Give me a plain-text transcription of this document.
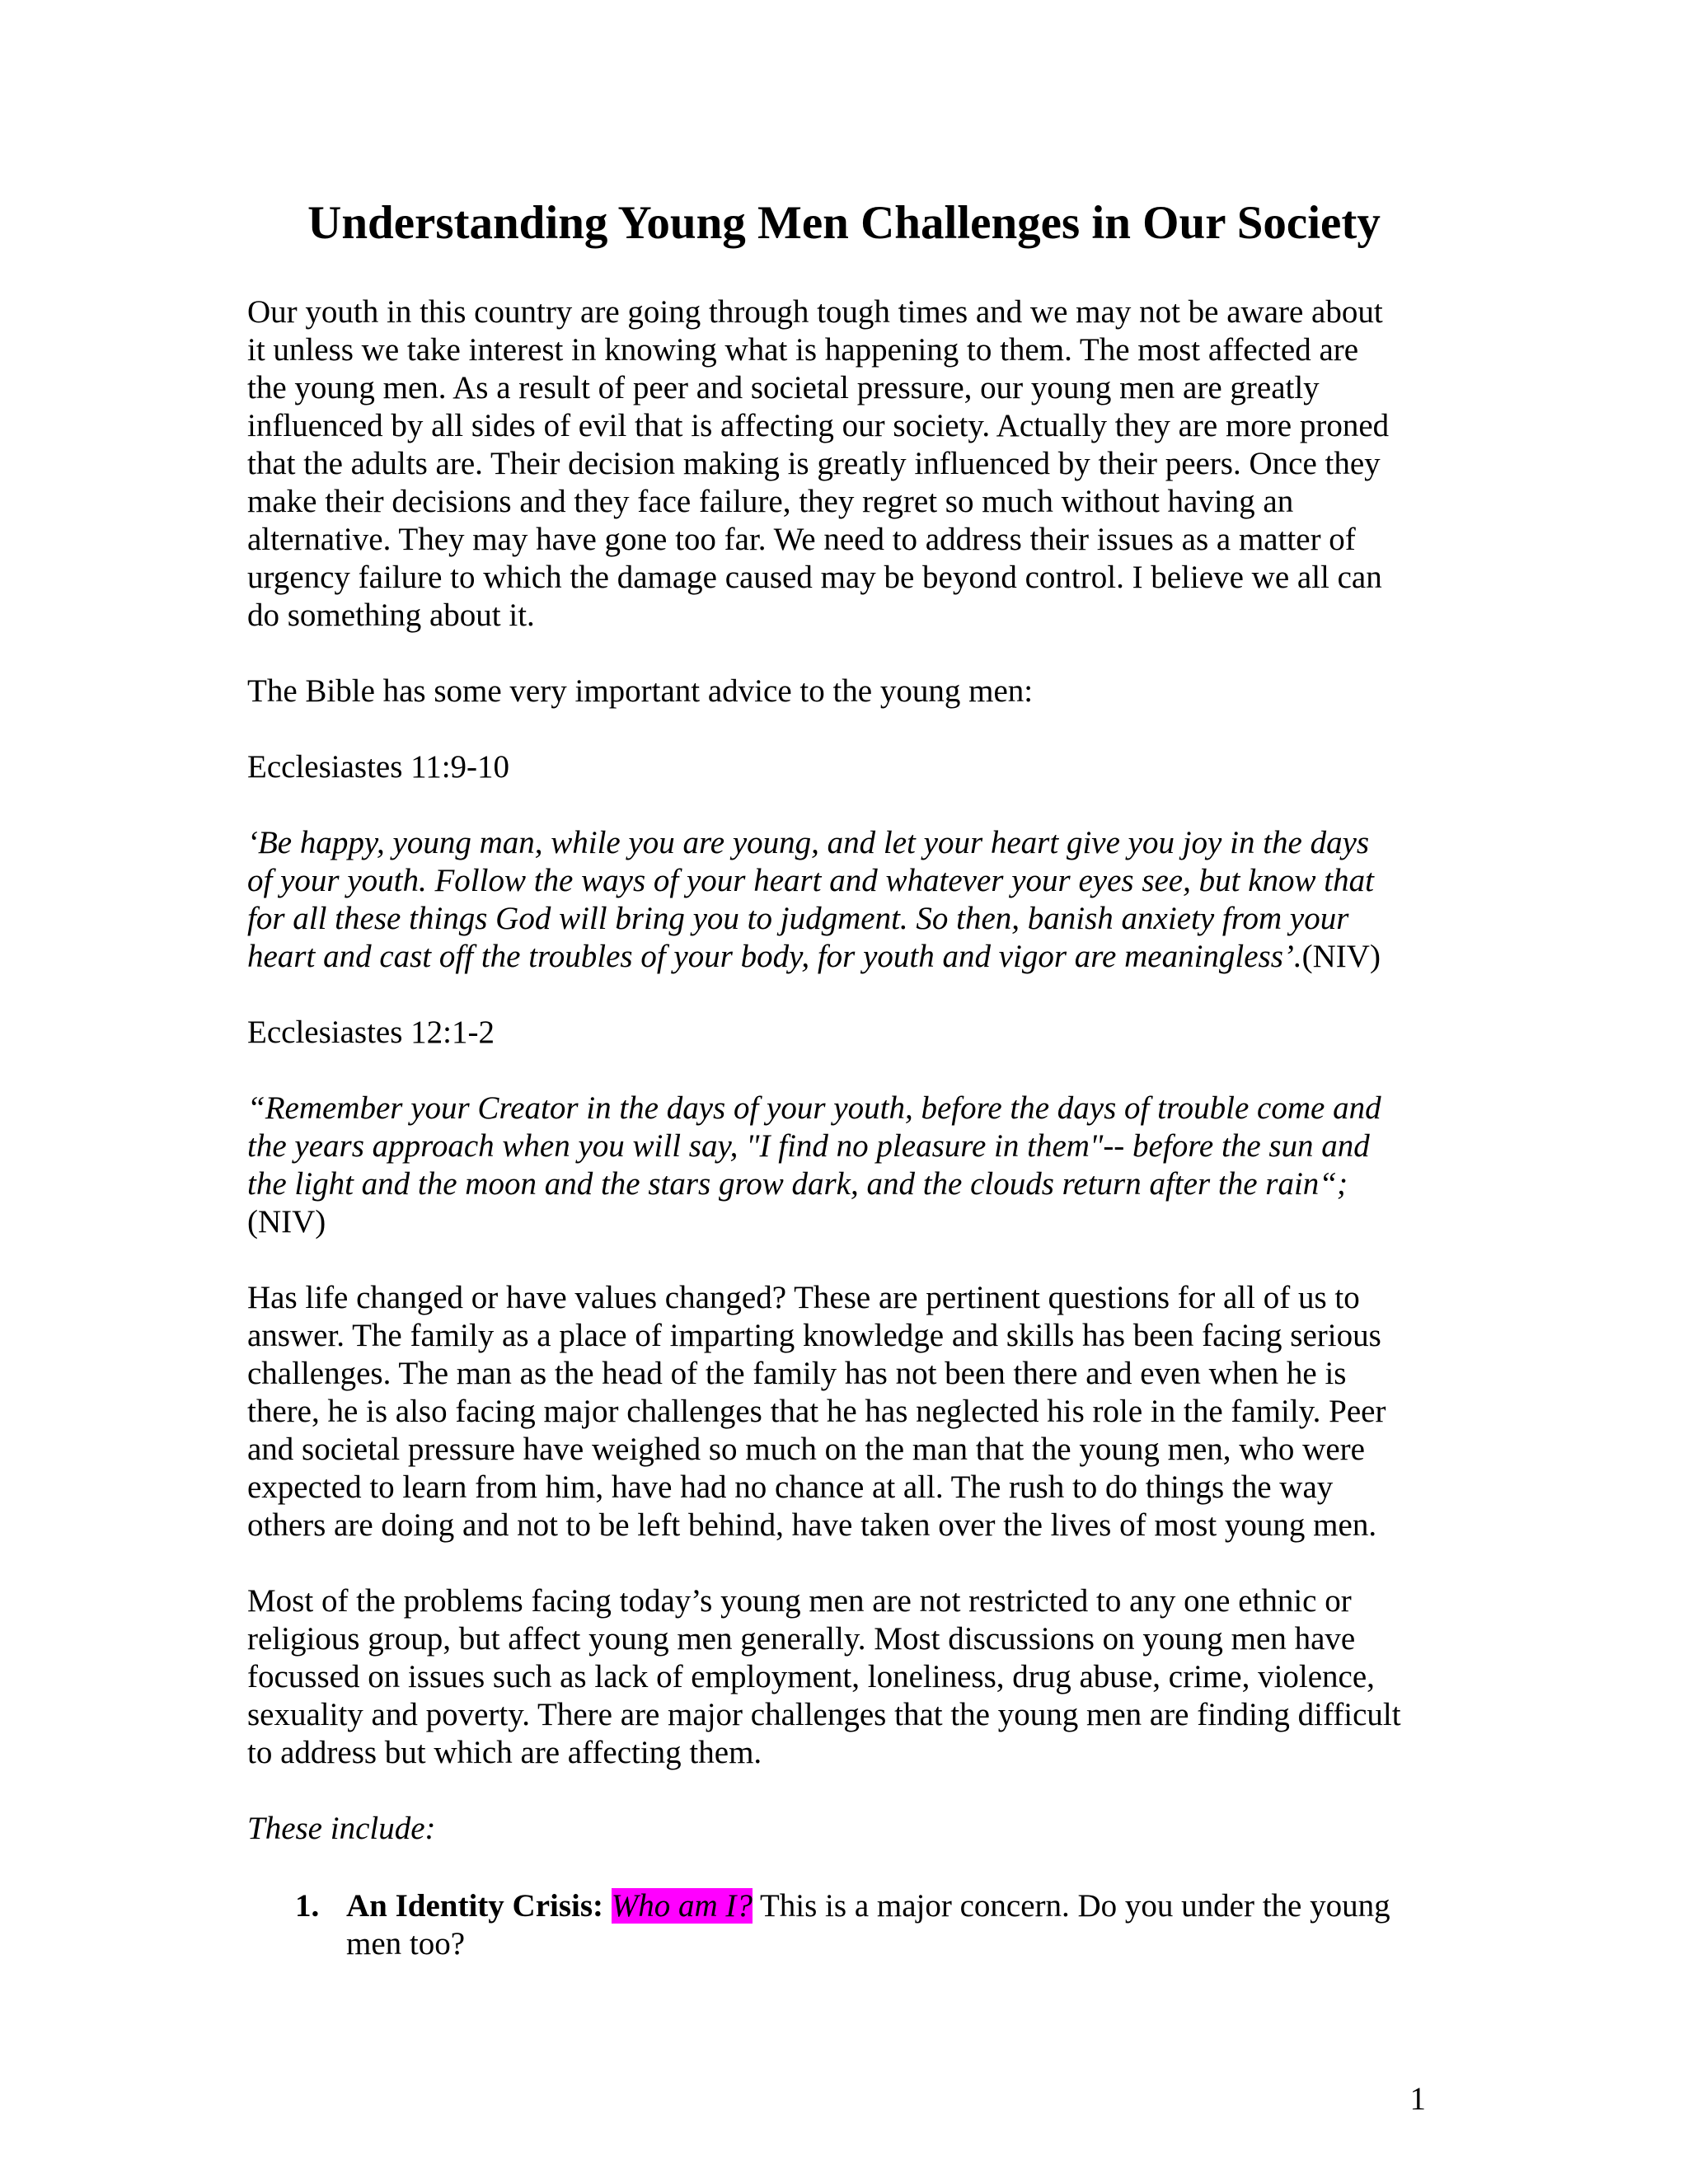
Understanding Young Men Challenges in Our Society

Our youth in this country are going through tough times and we may not be aware about
it unless we take interest in knowing what is happening to them. The most affected are
the young men. As a result of peer and societal pressure, our young men are greatly
influenced by all sides of evil that is affecting our society. Actually they are more proned
that the adults are. Their decision making is greatly influenced by their peers. Once they
make their decisions and they face failure, they regret so much without having an
alternative. They may have gone too far. We need to address their issues as a matter of
urgency failure to which the damage caused may be beyond control. I believe we all can
do something about it.

The Bible has some very important advice to the young men:

Ecclesiastes 11:9-10

‘Be happy, young man, while you are young, and let your heart give you joy in the days
of your youth. Follow the ways of your heart and whatever your eyes see, but know that
for all these things God will bring you to judgment. So then, banish anxiety from your
heart and cast off the troubles of your body, for youth and vigor are meaningless’.(NIV)

Ecclesiastes 12:1-2

“Remember your Creator in the days of your youth, before the days of trouble come and
the years approach when you will say, "I find no pleasure in them"-- before the sun and
the light and the moon and the stars grow dark, and the clouds return after the rain“;
(NIV)

Has life changed or have values changed? These are pertinent questions for all of us to
answer. The family as a place of imparting knowledge and skills has been facing serious
challenges. The man as the head of the family has not been there and even when he is
there, he is also facing major challenges that he has neglected his role in the family. Peer
and societal pressure have weighed so much on the man that the young men, who were
expected to learn from him, have had no chance at all. The rush to do things the way
others are doing and not to be left behind, have taken over the lives of most young men.

Most of the problems facing today’s young men are not restricted to any one ethnic or
religious group, but affect young men generally. Most discussions on young men have
focussed on issues such as lack of employment, loneliness, drug abuse, crime, violence,
sexuality and poverty. There are major challenges that the young men are finding difficult
to address but which are affecting them.

These include:

1. An Identity Crisis: Who am I? This is a major concern. Do you under the young
men too?
1
